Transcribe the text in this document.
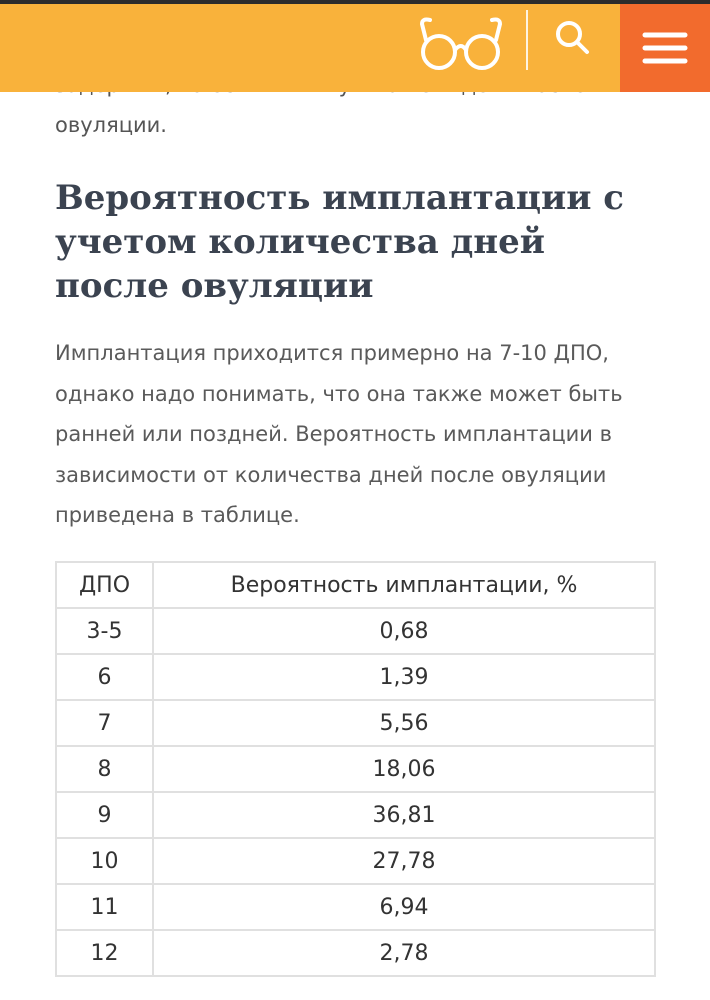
овуляции.

Вероятность имплантации с учетом количества дней после овуляции

Имплантация приходится примерно на 7-10 ДПО, однако надо понимать, что она также может быть ранней или поздней. Вероятность имплантации в зависимости от количества дней после овуляции приведена в таблице.

ДПО	Вероятность имплантации, %
3-5	0,68
6	1,39
7	5,56
8	18,06
9	36,81
10	27,78
11	6,94
12	2,78
